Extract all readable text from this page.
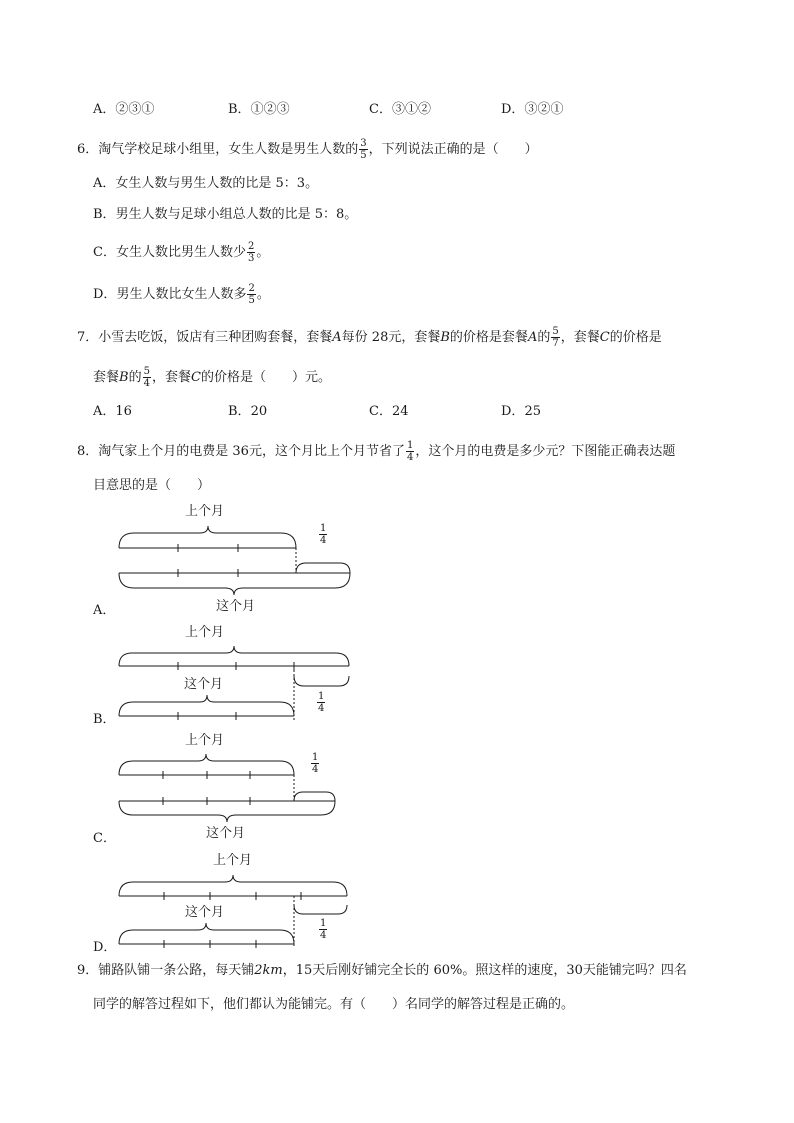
A．②③①	B．①②③	C．③①②	D．③②①
6．淘气学校足球小组里，女生人数是男生人数的 $\frac{3}{5}$ ，下列说法正确的是（　　）
A．女生人数与男生人数的比是 5：3。
B．男生人数与足球小组总人数的比是 5：8。
C．女生人数比男生人数少 $\frac{2}{3}$ 。
D．男生人数比女生人数多 $\frac{2}{5}$ 。
7．小雪去吃饭，饭店有三种团购套餐，套餐A每份 28元，套餐B的价格是套餐A的 $\frac{5}{7}$ ，套餐C的价格是
套餐B的 $\frac{5}{4}$ ，套餐C的价格是（　　）元。
A．16	B．20	C．24	D．25
8．淘气家上个月的电费是 36元，这个月比上个月节省了 $\frac{1}{4}$ ，这个月的电费是多少元？下图能正确表达题
目意思的是（　　）
上个月
$\frac{1}{4}$
A．	这个月
上个月
这个月
$\frac{1}{4}$
B．
上个月
$\frac{1}{4}$
这个月
C．
上个月
这个月
$\frac{1}{4}$
D．
9．铺路队铺一条公路，每天铺2km，15天后刚好铺完全长的 60%。照这样的速度，30天能铺完吗？四名
同学的解答过程如下，他们都认为能铺完。有（　　）名同学的解答过程是正确的。
